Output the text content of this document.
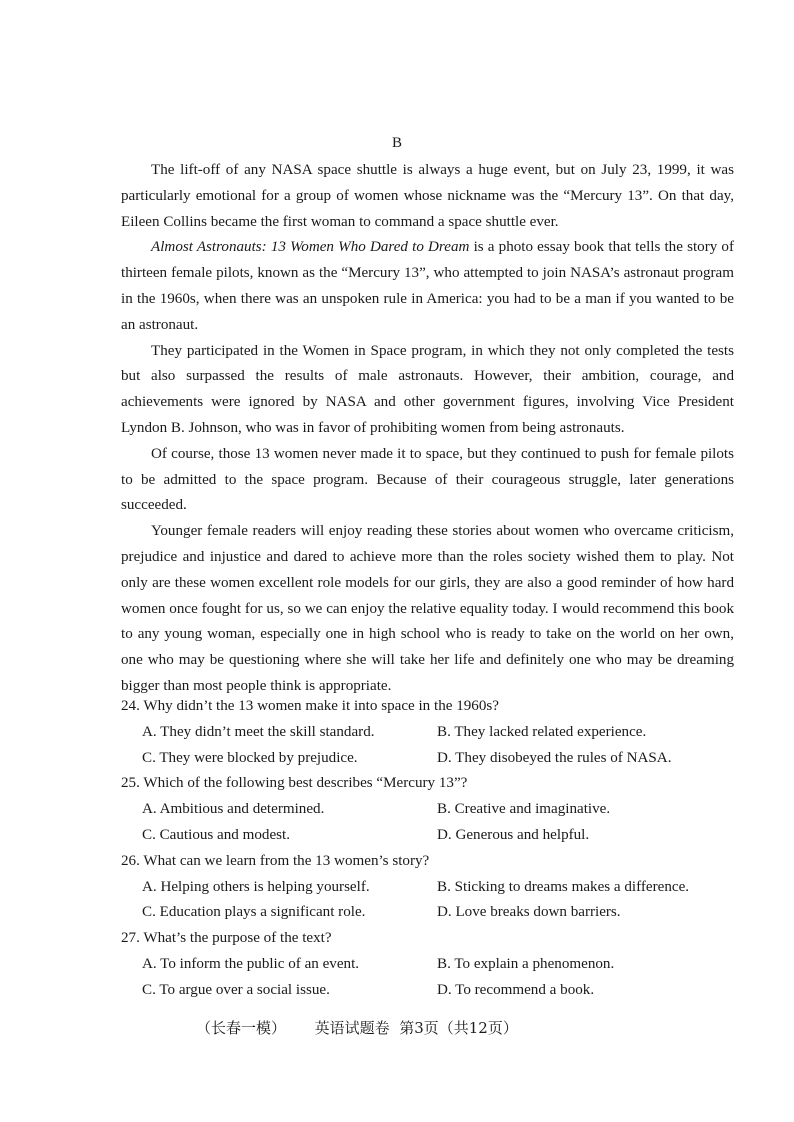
B

The lift-off of any NASA space shuttle is always a huge event, but on July 23, 1999, it was particularly emotional for a group of women whose nickname was the “Mercury 13”. On that day, Eileen Collins became the first woman to command a space shuttle ever.

Almost Astronauts: 13 Women Who Dared to Dream is a photo essay book that tells the story of thirteen female pilots, known as the “Mercury 13”, who attempted to join NASA’s astronaut program in the 1960s, when there was an unspoken rule in America: you had to be a man if you wanted to be an astronaut.

They participated in the Women in Space program, in which they not only completed the tests but also surpassed the results of male astronauts. However, their ambition, courage, and achievements were ignored by NASA and other government figures, involving Vice President Lyndon B. Johnson, who was in favor of prohibiting women from being astronauts.

Of course, those 13 women never made it to space, but they continued to push for female pilots to be admitted to the space program. Because of their courageous struggle, later generations succeeded.

Younger female readers will enjoy reading these stories about women who overcame criticism, prejudice and injustice and dared to achieve more than the roles society wished them to play. Not only are these women excellent role models for our girls, they are also a good reminder of how hard women once fought for us, so we can enjoy the relative equality today. I would recommend this book to any young woman, especially one in high school who is ready to take on the world on her own, one who may be questioning where she will take her life and definitely one who may be dreaming bigger than most people think is appropriate.

24. Why didn’t the 13 women make it into space in the 1960s?

A. They didn’t meet the skill standard.	B. They lacked related experience.
C. They were blocked by prejudice.	D. They disobeyed the rules of NASA.

25. Which of the following best describes “Mercury 13”?

A. Ambitious and determined.	B. Creative and imaginative.
C. Cautious and modest.	D. Generous and helpful.

26. What can we learn from the 13 women’s story?

A. Helping others is helping yourself.	B. Sticking to dreams makes a difference.
C. Education plays a significant role.	D. Love breaks down barriers.

27. What’s the purpose of the text?

A. To inform the public of an event.	B. To explain a phenomenon.
C. To argue over a social issue.	D. To recommend a book.
（长春一模） 英语试题卷 第3页（共12页）
